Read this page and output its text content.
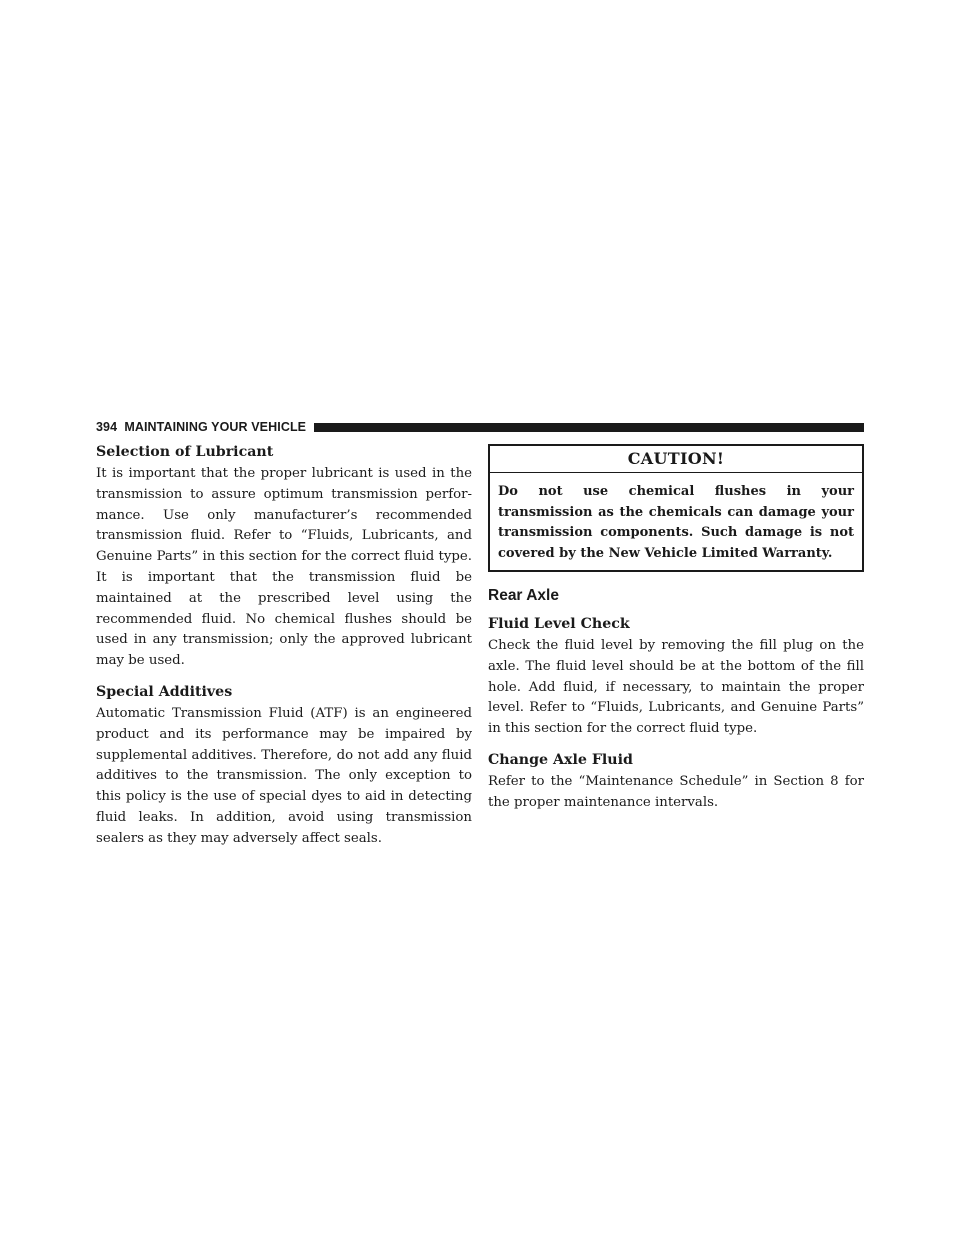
394 MAINTAINING YOUR VEHICLE
Selection of Lubricant

It is important that the proper lubricant is used in the transmission to assure optimum transmission performance. Use only manufacturer’s recommended transmission fluid. Refer to “Fluids, Lubricants, and Genuine Parts” in this section for the correct fluid type. It is important that the transmission fluid be maintained at the prescribed level using the recommended fluid. No chemical flushes should be used in any transmission; only the approved lubricant may be used.

Special Additives

Automatic Transmission Fluid (ATF) is an engineered product and its performance may be impaired by supplemental additives. Therefore, do not add any fluid additives to the transmission. The only exception to this policy is the use of special dyes to aid in detecting fluid leaks. In addition, avoid using transmission sealers as they may adversely affect seals.

CAUTION!
Do not use chemical flushes in your transmission as the chemicals can damage your transmission components. Such damage is not covered by the New Vehicle Limited Warranty.
Rear Axle
Fluid Level Check

Check the fluid level by removing the fill plug on the axle. The fluid level should be at the bottom of the fill hole. Add fluid, if necessary, to maintain the proper level. Refer to “Fluids, Lubricants, and Genuine Parts” in this section for the correct fluid type.

Change Axle Fluid

Refer to the “Maintenance Schedule” in Section 8 for the proper maintenance intervals.
